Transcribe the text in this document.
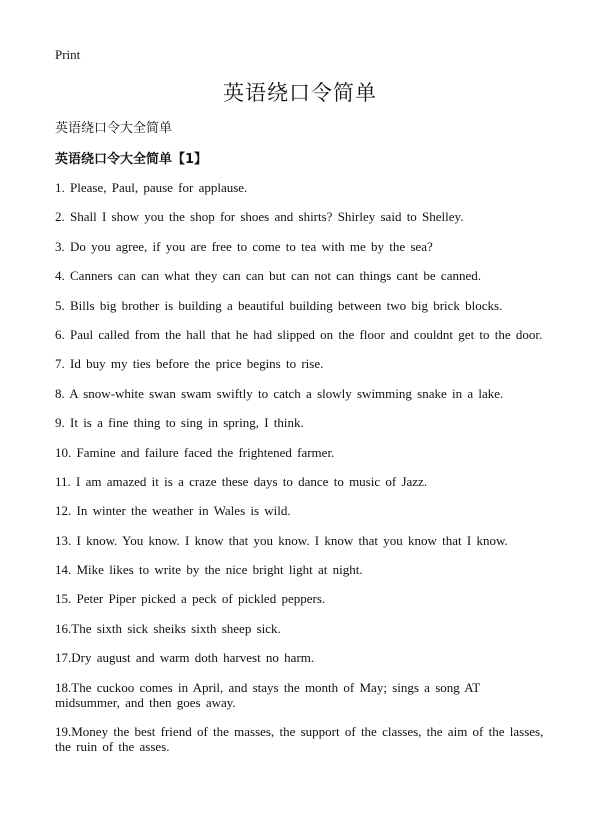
Print
英语绕口令简单
英语绕口令大全简单
英语绕口令大全简单【1】
1. Please, Paul, pause for applause.
2. Shall I show you the shop for shoes and shirts? Shirley said to Shelley.
3. Do you agree, if you are free to come to tea with me by the sea?
4. Canners can can what they can can but can not can things cant be canned.
5. Bills big brother is building a beautiful building between two big brick blocks.
6. Paul called from the hall that he had slipped on the floor and couldnt get to the door.
7. Id buy my ties before the price begins to rise.
8. A snow-white swan swam swiftly to catch a slowly swimming snake in a lake.
9. It is a fine thing to sing in spring, I think.
10. Famine and failure faced the frightened farmer.
11. I am amazed it is a craze these days to dance to music of Jazz.
12. In winter the weather in Wales is wild.
13. I know. You know. I know that you know. I know that you know that I know.
14. Mike likes to write by the nice bright light at night.
15. Peter Piper picked a peck of pickled peppers.
16.The sixth sick sheiks sixth sheep sick.
17.Dry august and warm doth harvest no harm.
18.The cuckoo comes in April, and stays the month of May; sings a song AT midsummer, and then goes away.
19.Money the best friend of the masses, the support of the classes, the aim of the lasses, the ruin of the asses.
